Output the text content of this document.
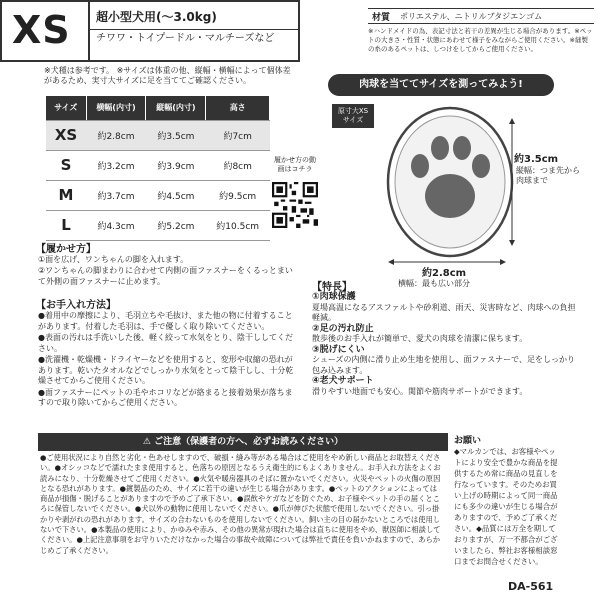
XS	超小型犬用(～3.0kg)
チワワ・トイプードル・マルチーズなど
※犬種は参考です。 ※サイズは体重の他、縦幅・横幅によって個体差があるため、実寸大サイズに足を当ててご確認ください。
サイズ	横幅(内寸)	縦幅(内寸)	高さ
XS	約2.8cm	約3.5cm	約7cm
S	約3.2cm	約3.9cm	約8cm
M	約3.7cm	約4.5cm	約9.5cm
L	約4.3cm	約5.2cm	約10.5cm
履かせ方の動画はコチラ
材質	ポリエステル、ニトリルブタジエンゴム
※ハンドメイドの為、表記寸法と若干の差異が生じる場合があります。※ペットの大きさ・性質・状態にあわせて様子をみながらご使用ください。※縫製の糸のあるペットは、しつけをしてからご使用ください。
肉球を当ててサイズを測ってみよう!
原寸大XSサイズ
約3.5cm
縦幅：つま先から肉球まで
約2.8cm
横幅：最も広い部分
【履かせ方】

①面を広げ、ワンちゃんの脚を入れます。

②ワンちゃんの脚まわりに合わせて内側の面ファスナーをくるっとまいて外側の面ファスナーに止めます。

【お手入れ方法】

●着用中の摩擦により、毛羽立ちや毛抜け、また他の物に付着することがあります。付着した毛羽は、手で優しく取り除いてください。

●表面の汚れは手洗いした後、軽く絞って水気をとり、陰干ししてください。

●洗濯機・乾燥機・ドライヤーなどを使用すると、変形や収縮の恐れがあります。乾いたタオルなどでしっかり水気をとって陰干しし、十分乾燥させてからご使用ください。

●面ファスナーにペットの毛やホコリなどが絡まると接着効果が落ちますので取り除いてからご使用ください。

【特長】

①肉球保護

夏場高温になるアスファルトや砂利道、雨天、災害時など、肉球への負担軽減。

②足の汚れ防止

散歩後のお手入れが簡単で、愛犬の肉球を清潔に保ちます。

③脱げにくい

シューズの内側に滑り止め生地を使用し、面ファスナーで、足をしっかり包み込みます。

④老犬サポート

滑りやすい地面でも安心。関節や筋肉サポートができます。

⚠ ご注意（保護者の方へ、必ずお読みください）
●ご使用状況により自然と劣化・色あせしますので、破損・縫み等がある場合はご使用をやめ新しい商品とお取替えください。●オシッコなどで濡れたまま使用すると、色落ちの原因となるうえ衛生的にもよくありません。お手入れ方法をよくお読みになり、十分乾燥させてご使用ください。●火気や暖房器具のそばに置かないでください。火災やペットの火傷の原因となる恐れがあります。●鍍製品のため、サイズに若干の違いが生じる場合があります。●ペットのアクションによっては商品が損傷・脱げることがありますので予めご了承下さい。●誤飲やケガなどを防ぐため、お子様やペットの手の届くところに保管しないでください。●犬以外の動物に使用しないでください。●爪が伸びた状態で使用しないでください。引っ掛かりや剥がれの恐れがあります。サイズの合わないものを使用しないでください。飼い主の目の届かないところでは使用しないで下さい。●本製品の使用により、かゆみや赤み、その他の異常が現れた場合は直ちに使用をやめ、獣医師に相談してください。●上記注意事項をお守りいただけなかった場合の事故や故障については弊社で責任を負いかねますので、あらかじめご了承ください。
お願い
◆マルカンでは、お客様やペットにより安全で豊かな商品を提供するため常に商品の見直しを行なっています。そのためお買い上げの時期によって同一商品にも多少の違いが生じる場合がありますので、予めご了承ください。◆品質には万全を期しておりますが、万一不都合がございましたら、弊社お客様相談窓口までお問合せください。
DA-561
